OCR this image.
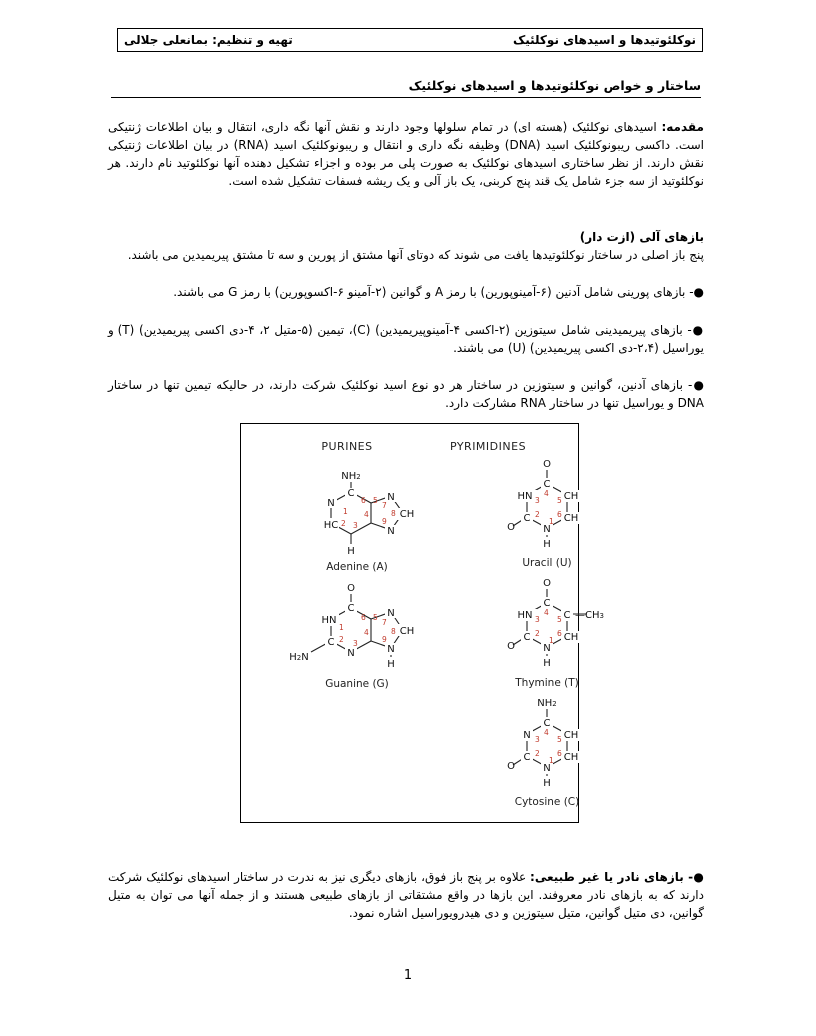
نوکلئوتیدها و اسیدهای نوکلئیک
تهیه و تنظیم: بمانعلی جلالی
ساختار و خواص نوکلئوتیدها و اسیدهای نوکلئیک
مقدمه: اسیدهای نوکلئیک (هسته ای) در تمام سلولها وجود دارند و نقش آنها نگه داری، انتقال و بیان اطلاعات ژنتیکی است. داکسی ریبونوکلئیک اسید (DNA) وظیفه نگه داری و انتقال و ریبونوکلئیک اسید (RNA) در بیان اطلاعات ژنتیکی نقش دارند. از نظر ساختاری اسیدهای نوکلئیک به صورت پلی مر بوده و اجزاء تشکیل دهنده آنها نوکلئوتید نام دارند. هر نوکلئوتید از سه جزء شامل یک قند پنج کربنی، یک باز آلی و یک ریشه فسفات تشکیل شده است.
بازهای آلی (ازت دار)
پنج باز اصلی در ساختار نوکلئوتیدها یافت می شوند که دوتای آنها مشتق از پورین و سه تا مشتق پیریمیدین می باشند.
●- بازهای پورینی شامل آدنین (۶-آمینوپورین) با رمز A و گوانین (۲-آمینو ۶-اکسوپورین) با رمز G می باشند.
●- بازهای پیریمیدینی شامل سیتوزین (۲-اکسی ۴-آمینوپیریمیدین) (C)، تیمین (۵-متیل ۲، ۴-دی اکسی پیریمیدین) (T) و یوراسیل (۲،۴-دی اکسی پیریمیدین) (U) می باشند.
●- بازهای آدنین، گوانین و سیتوزین در ساختار هر دو نوع اسید نوکلئیک شرکت دارند، در حالیکه تیمین تنها در ساختار DNA و یوراسیل تنها در ساختار RNA مشارکت دارد.
PURINES	PYRIMIDINES
NH2
C
N
HC
N
CH
N
H
1
2 3
4
6 5
7
8
9
Adenine (A)
O
O
H
HN
C
C
CH
CH
N
3
4
5
6
1
2
Uracil (U)
O
H2N
H
HN
C
C
N
N
CH
N
1
2 3
4
6 5
7
8
9
Guanine (G)
O
O
H
HN
C
C
C
CH
N
—CH3
3
4
5
6
1
2
Thymine (T)
NH2
O
H
N
C
C
CH
CH
N
3
4
5
6
1
2
Cytosine (C)
●- بازهای نادر یا غیر طبیعی: علاوه بر پنج باز فوق، بازهای دیگری نیز به ندرت در ساختار اسیدهای نوکلئیک شرکت دارند که به بازهای نادر معروفند. این بازها در واقع مشتقاتی از بازهای طبیعی هستند و از جمله آنها می توان به متیل گوانین، دی متیل گوانین، متیل سیتوزین و دی هیدرویوراسیل اشاره نمود.
1
